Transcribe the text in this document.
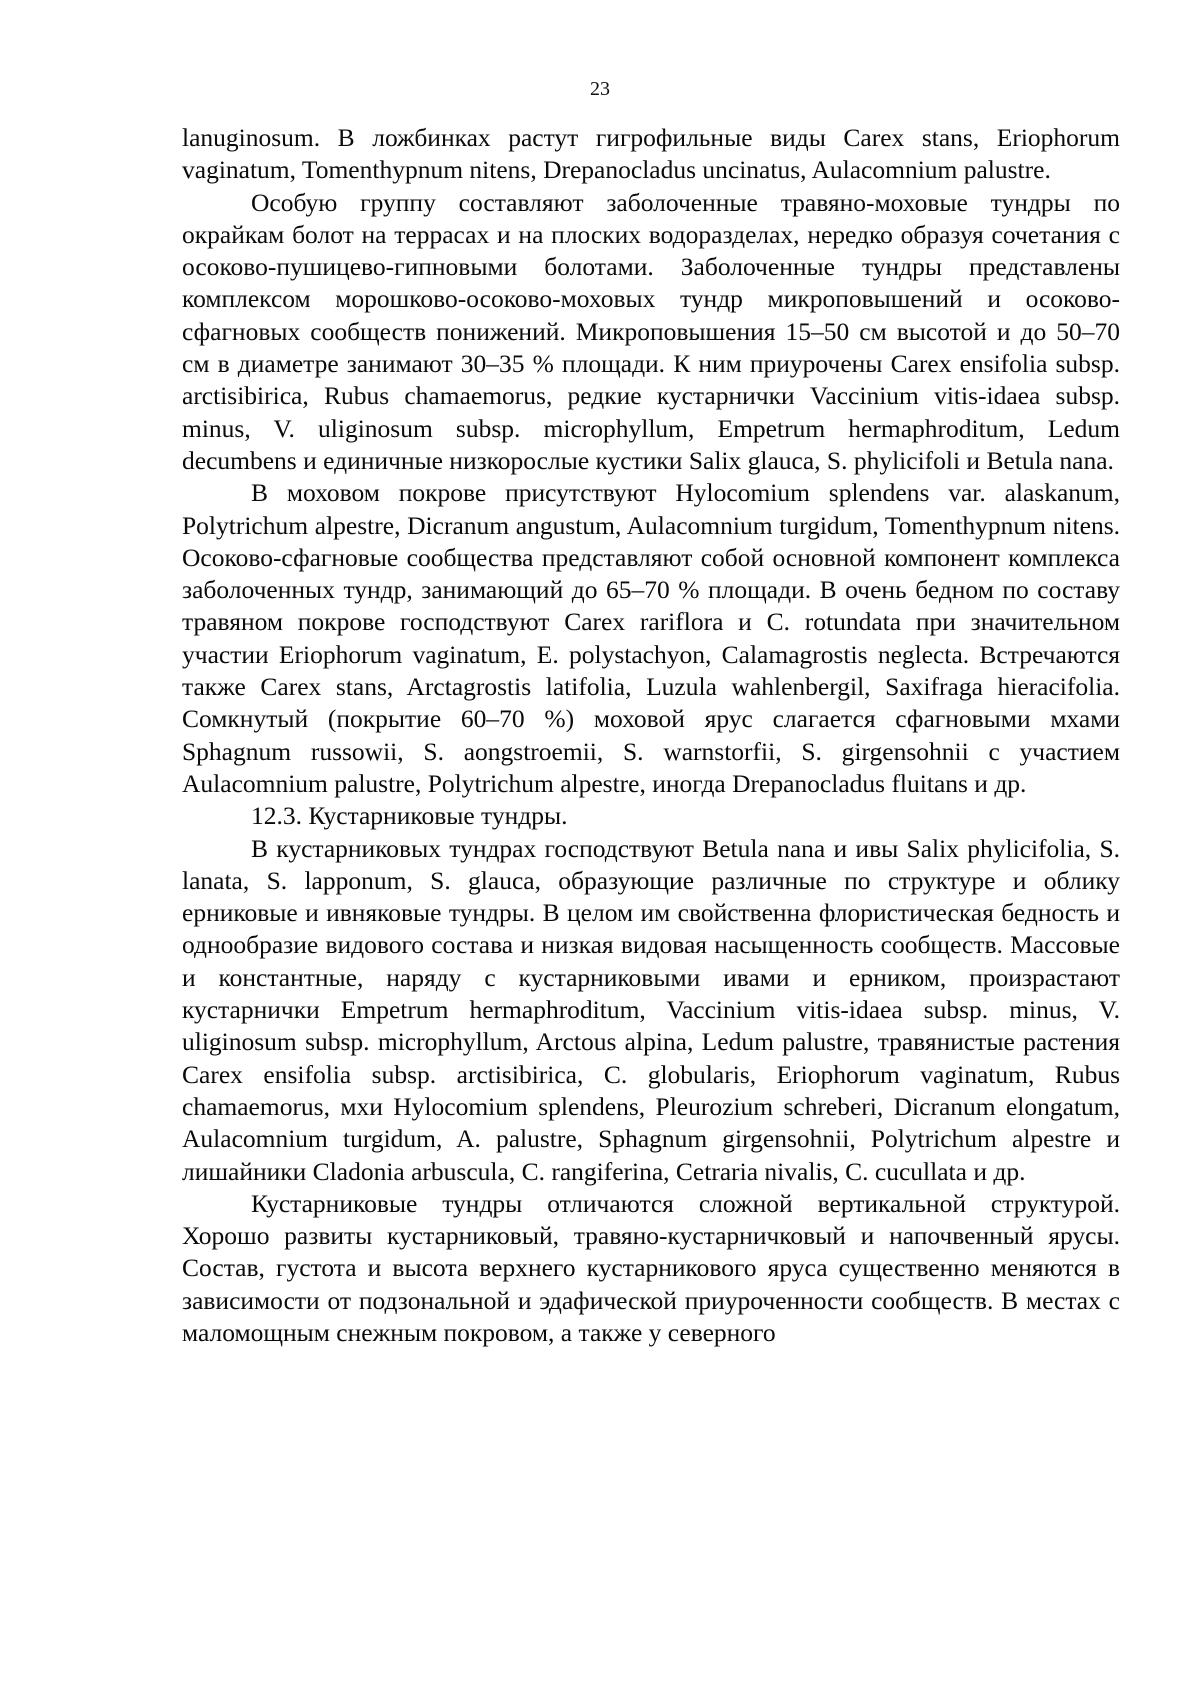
23

lanuginosum. В ложбинках растут гигрофильные виды Carex stans, Eriophorum vaginatum, Tomenthypnum nitens, Drepanocladus uncinatus, Aulacomnium palustre.

Особую группу составляют заболоченные травяно-моховые тундры по окрайкам болот на террасах и на плоских водоразделах, нередко образуя сочетания с осоково-пушицево-гипновыми болотами. Заболоченные тундры представлены комплексом морошково-осоково-моховых тундр микроповышений и осоково-сфагновых сообществ понижений. Микроповышения 15–50 см высотой и до 50–70 см в диаметре занимают 30–35 % площади. К ним приурочены Carex ensifolia subsp. arctisibirica, Rubus chamaemorus, редкие кустарнички Vaccinium vitis-idaea subsp. minus, V. uliginosum subsp. microphyllum, Empetrum hermaphroditum, Ledum decumbens и единичные низкорослые кустики Salix glauca, S. phylicifoli и Betula nana.

В моховом покрове присутствуют Hylocomium splendens var. alaskanum, Polytrichum alpestre, Dicranum angustum, Aulacomnium turgidum, Tomenthypnum nitens. Осоково-сфагновые сообщества представляют собой основной компонент комплекса заболоченных тундр, занимающий до 65–70 % площади. В очень бедном по составу травяном покрове господствуют Carex rariflora и C. rotundata при значительном участии Eriophorum vaginatum, E. polystachyon, Calamagrostis neglecta. Встречаются также Carex stans, Arctagrostis latifolia, Luzula wahlenbergil, Saxifraga hieracifolia. Сомкнутый (покрытие 60–70 %) моховой ярус слагается сфагновыми мхами Sphagnum russowii, S. aongstroemii, S. warnstorfii, S. girgensohnii с участием Aulacomnium palustre, Polytrichum alpestre, иногда Drepanocladus fluitans и др.

12.3. Кустарниковые тундры.

В кустарниковых тундрах господствуют Betula nana и ивы Salix phylicifolia, S. lanata, S. lapponum, S. glauca, образующие различные по структуре и облику ерниковые и ивняковые тундры. В целом им свойственна флористическая бедность и однообразие видового состава и низкая видовая насыщенность сообществ. Массовые и константные, наряду с кустарниковыми ивами и ерником, произрастают кустарнички Empetrum hermaphroditum, Vaccinium vitis-idaea subsp. minus, V. uliginosum subsp. microphyllum, Arctous alpina, Ledum palustre, травянистые растения Carex ensifolia subsp. arctisibirica, C. globularis, Eriophorum vaginatum, Rubus chamaemorus, мхи Hylocomium splendens, Pleurozium schreberi, Dicranum elongatum, Aulacomnium turgidum, A. palustre, Sphagnum girgensohnii, Polytrichum alpestre и лишайники Cladonia arbuscula, C. rangiferina, Cetraria nivalis, C. cucullata и др.

Кустарниковые тундры отличаются сложной вертикальной структурой. Хорошо развиты кустарниковый, травяно-кустарничковый и напочвенный ярусы. Состав, густота и высота верхнего кустарникового яруса существенно меняются в зависимости от подзональной и эдафической приуроченности сообществ. В местах с маломощным снежным покровом, а также у северного
